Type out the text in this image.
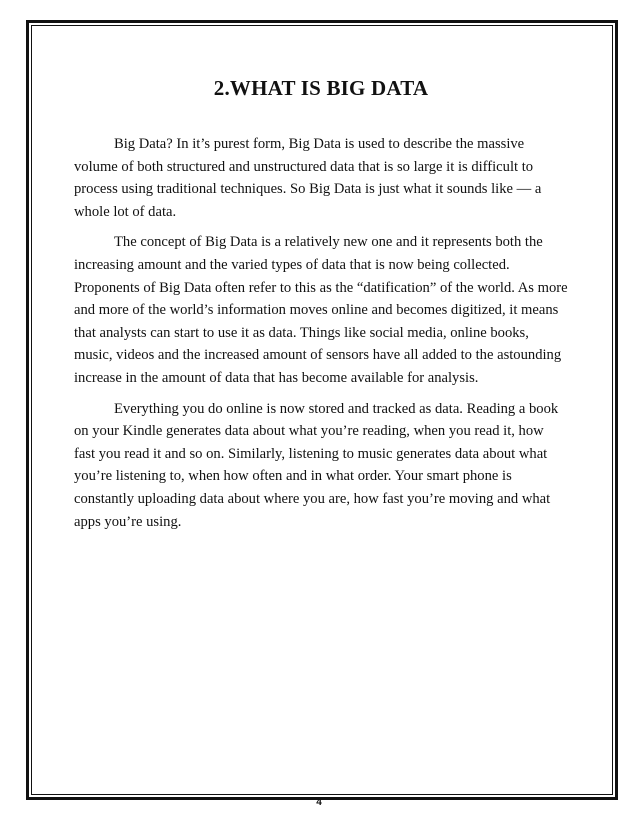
2.WHAT IS BIG DATA

Big Data? In it’s purest form, Big Data is used to describe the massive volume of both structured and unstructured data that is so large it is difficult to process using traditional techniques. So Big Data is just what it sounds like — a whole lot of data.

The concept of Big Data is a relatively new one and it represents both the increasing amount and the varied types of data that is now being collected. Proponents of Big Data often refer to this as the “datification” of the world. As more and more of the world’s information moves online and becomes digitized, it means that analysts can start to use it as data. Things like social media, online books, music, videos and the increased amount of sensors have all added to the astounding increase in the amount of data that has become available for analysis.

Everything you do online is now stored and tracked as data. Reading a book on your Kindle generates data about what you’re reading, when you read it, how fast you read it and so on. Similarly, listening to music generates data about what you’re listening to, when how often and in what order. Your smart phone is constantly uploading data about where you are, how fast you’re moving and what apps you’re using.

4
